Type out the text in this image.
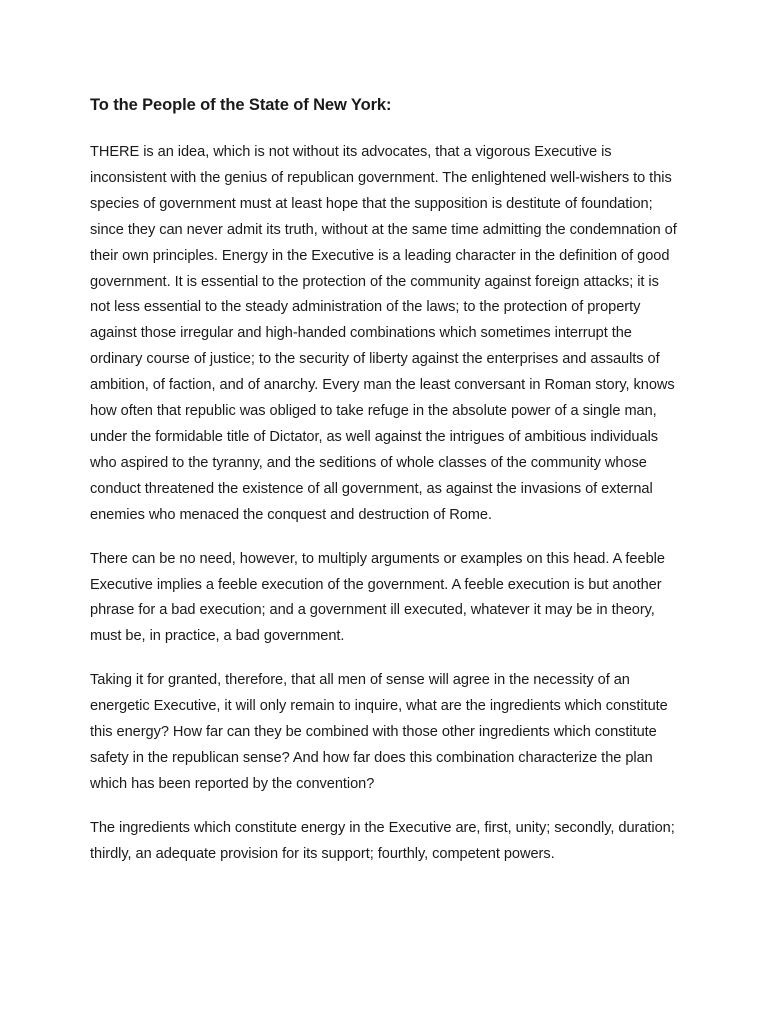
To the People of the State of New York:

THERE is an idea, which is not without its advocates, that a vigorous Executive is inconsistent with the genius of republican government. The enlightened well-wishers to this species of government must at least hope that the supposition is destitute of foundation; since they can never admit its truth, without at the same time admitting the condemnation of their own principles. Energy in the Executive is a leading character in the definition of good government. It is essential to the protection of the community against foreign attacks; it is not less essential to the steady administration of the laws; to the protection of property against those irregular and high-handed combinations which sometimes interrupt the ordinary course of justice; to the security of liberty against the enterprises and assaults of ambition, of faction, and of anarchy. Every man the least conversant in Roman story, knows how often that republic was obliged to take refuge in the absolute power of a single man, under the formidable title of Dictator, as well against the intrigues of ambitious individuals who aspired to the tyranny, and the seditions of whole classes of the community whose conduct threatened the existence of all government, as against the invasions of external enemies who menaced the conquest and destruction of Rome.

There can be no need, however, to multiply arguments or examples on this head. A feeble Executive implies a feeble execution of the government. A feeble execution is but another phrase for a bad execution; and a government ill executed, whatever it may be in theory, must be, in practice, a bad government.

Taking it for granted, therefore, that all men of sense will agree in the necessity of an energetic Executive, it will only remain to inquire, what are the ingredients which constitute this energy? How far can they be combined with those other ingredients which constitute safety in the republican sense? And how far does this combination characterize the plan which has been reported by the convention?

The ingredients which constitute energy in the Executive are, first, unity; secondly, duration; thirdly, an adequate provision for its support; fourthly, competent powers.
